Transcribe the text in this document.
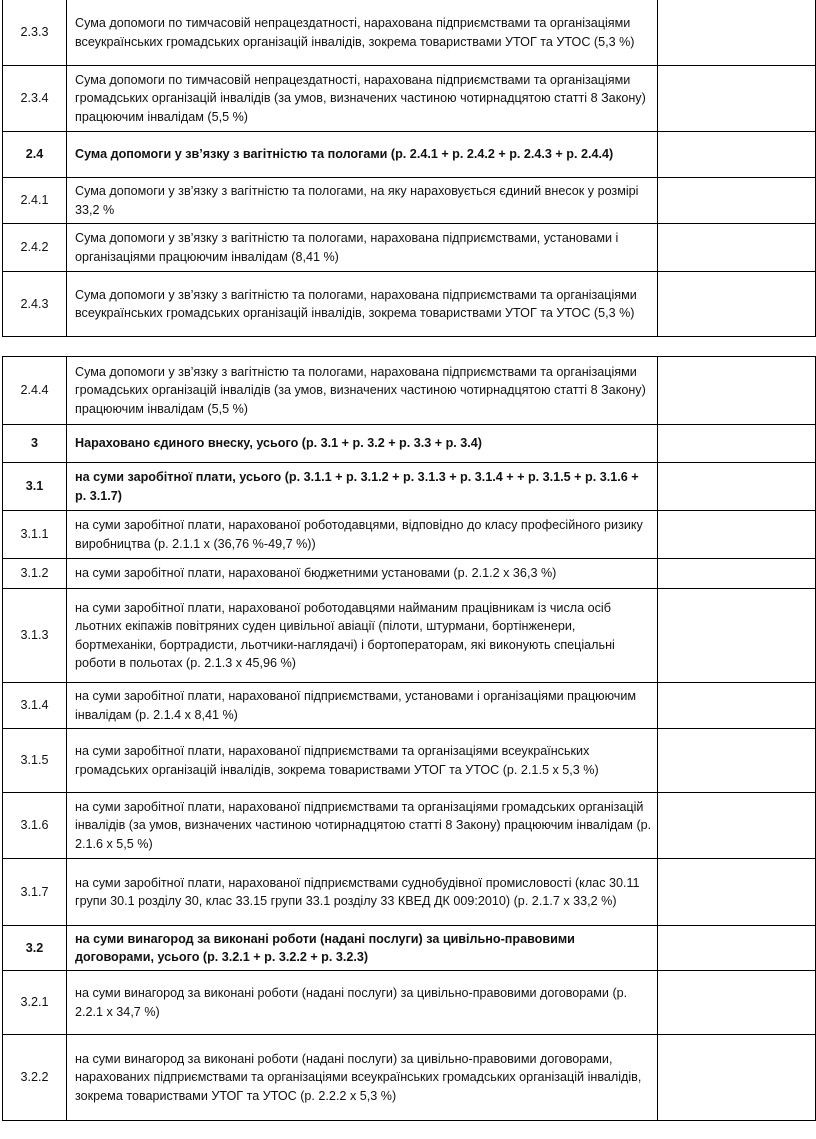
2.3.3	Сума допомоги по тимчасовій непрацездатності, нарахована підприємствами та організаціями всеукраїнських громадських організацій інвалідів, зокрема товариствами УТОГ та УТОС (5,3 %)	
2.3.4	Сума допомоги по тимчасовій непрацездатності, нарахована підприємствами та організаціями громадських організацій інвалідів (за умов, визначених частиною чотирнадцятою статті 8 Закону) працюючим інвалідам (5,5 %)	
2.4	Сума допомоги у зв’язку з вагітністю та пологами (р. 2.4.1 + р. 2.4.2 + р. 2.4.3 + р. 2.4.4)	
2.4.1	Сума допомоги у зв’язку з вагітністю та пологами, на яку нараховується єдиний внесок у розмірі 33,2 %	
2.4.2	Сума допомоги у зв’язку з вагітністю та пологами, нарахована підприємствами, установами і організаціями працюючим інвалідам (8,41 %)	
2.4.3	Сума допомоги у зв’язку з вагітністю та пологами, нарахована підприємствами та організаціями всеукраїнських громадських організацій інвалідів, зокрема товариствами УТОГ та УТОС (5,3 %)	
2.4.4	Сума допомоги у зв’язку з вагітністю та пологами, нарахована підприємствами та організаціями громадських організацій інвалідів (за умов, визначених частиною чотирнадцятою статті 8 Закону) працюючим інвалідам (5,5 %)	
3	Нараховано єдиного внеску, усього (р. 3.1 + р. 3.2 + р. 3.3 + р. 3.4)	
3.1	на суми заробітної плати, усього (р. 3.1.1 + р. 3.1.2 + р. 3.1.3 + р. 3.1.4 + + р. 3.1.5 + р. 3.1.6 + р. 3.1.7)	
3.1.1	на суми заробітної плати, нарахованої роботодавцями, відповідно до класу професійного ризику виробництва (р. 2.1.1 х (36,76 %-49,7 %))	
3.1.2	на суми заробітної плати, нарахованої бюджетними установами (р. 2.1.2 х 36,3 %)	
3.1.3	на суми заробітної плати, нарахованої роботодавцями найманим працівникам із числа осіб льотних екіпажів повітряних суден цивільної авіації (пілоти, штурмани, бортінженери, бортмеханіки, бортрадисти, льотчики-наглядачі) і бортоператорам, які виконують спеціальні роботи в польотах (р. 2.1.3 х 45,96 %)	
3.1.4	на суми заробітної плати, нарахованої підприємствами, установами і організаціями працюючим інвалідам (р. 2.1.4 х 8,41 %)	
3.1.5	на суми заробітної плати, нарахованої підприємствами та організаціями всеукраїнських громадських організацій інвалідів, зокрема товариствами УТОГ та УТОС (р. 2.1.5 х 5,3 %)	
3.1.6	на суми заробітної плати, нарахованої підприємствами та організаціями громадських організацій інвалідів (за умов, визначених частиною чотирнадцятою статті 8 Закону) працюючим інвалідам (р. 2.1.6 х 5,5 %)	
3.1.7	на суми заробітної плати, нарахованої підприємствами суднобудівної промисловості (клас 30.11 групи 30.1 розділу 30, клас 33.15 групи 33.1 розділу 33 КВЕД ДК 009:2010) (р. 2.1.7 х 33,2 %)	
3.2	на суми винагород за виконані роботи (надані послуги) за цивільно-правовими договорами, усього (р. 3.2.1 + р. 3.2.2 + р. 3.2.3)	
3.2.1	на суми винагород за виконані роботи (надані послуги) за цивільно-правовими договорами (р. 2.2.1 х 34,7 %)	
3.2.2	на суми винагород за виконані роботи (надані послуги) за цивільно-правовими договорами, нарахованих підприємствами та організаціями всеукраїнських громадських організацій інвалідів, зокрема товариствами УТОГ та УТОС (р. 2.2.2 х 5,3 %)	
